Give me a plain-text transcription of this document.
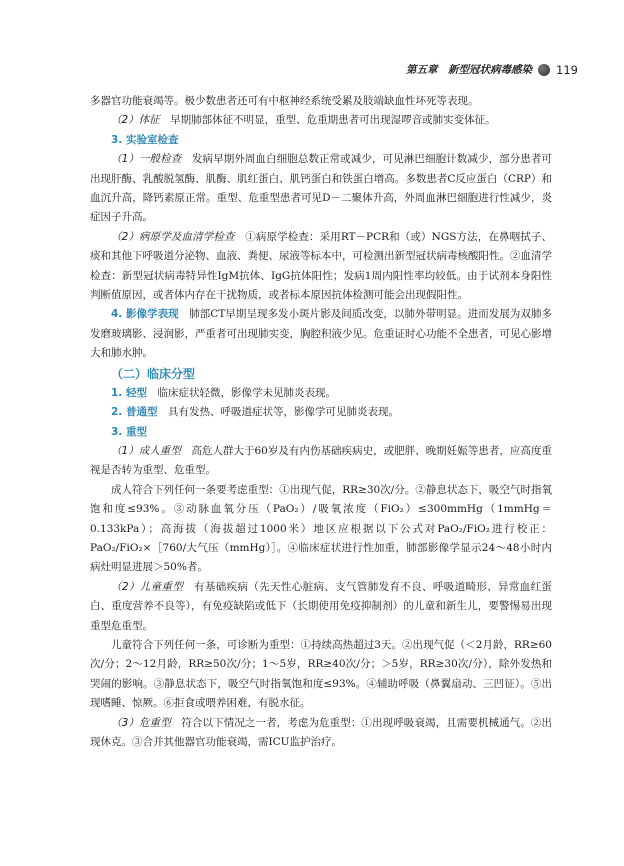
第五章　新型冠状病毒感染 119

多器官功能衰竭等。极少数患者还可有中枢神经系统受累及肢端缺血性坏死等表现。

（2）体征　早期肺部体征不明显，重型、危重期患者可出现湿啰音或肺实变体征。

3. 实验室检查

（1）一般检查　发病早期外周血白细胞总数正常或减少，可见淋巴细胞计数减少，部分患者可出现肝酶、乳酸脱氢酶、肌酶、肌红蛋白、肌钙蛋白和铁蛋白增高。多数患者C反应蛋白（CRP）和血沉升高，降钙素原正常。重型、危重型患者可见D－二聚体升高，外周血淋巴细胞进行性减少，炎症因子升高。

（2）病原学及血清学检查　①病原学检查：采用RT－PCR和（或）NGS方法，在鼻咽拭子、痰和其他下呼吸道分泌物、血液、粪便、尿液等标本中，可检测出新型冠状病毒核酸阳性。②血清学检查：新型冠状病毒特异性IgM抗体、IgG抗体阳性；发病1周内阳性率均较低。由于试剂本身阳性判断值原因，或者体内存在干扰物质，或者标本原因抗体检测可能会出现假阳性。

4. 影像学表现　肺部CT早期呈现多发小斑片影及间质改变，以肺外带明显。进而发展为双肺多发磨玻璃影、浸润影，严重者可出现肺实变，胸腔积液少见。危重证时心功能不全患者，可见心影增大和肺水肿。

（二）临床分型

1. 轻型　临床症状轻微，影像学未见肺炎表现。

2. 普通型　具有发热、呼吸道症状等，影像学可见肺炎表现。

3. 重型

（1）成人重型　高危人群大于60岁及有内伤基础疾病史，或肥胖、晚期妊娠等患者，应高度重视是否转为重型、危重型。

成人符合下列任何一条要考虑重型：①出现气促，RR≥30次/分。②静息状态下，吸空气时指氧饱和度≤93%。③动脉血氧分压（PaO₂）/吸氧浓度（FiO₂）≤300mmHg（1mmHg＝0.133kPa）；高海拔（海拔超过1000米）地区应根据以下公式对PaO₂/FiO₂进行校正：PaO₂/FiO₂×［760/大气压（mmHg）］。④临床症状进行性加重，肺部影像学显示24～48小时内病灶明显进展＞50%者。

（2）儿童重型　有基础疾病（先天性心脏病、支气管肺发育不良、呼吸道畸形、异常血红蛋白、重度营养不良等），有免疫缺陷或低下（长期使用免疫抑制剂）的儿童和新生儿，要警惕易出现重型危重型。

儿童符合下列任何一条，可诊断为重型：①持续高热超过3天。②出现气促（＜2月龄，RR≥60次/分；2～12月龄，RR≥50次/分；1～5岁，RR≥40次/分；＞5岁，RR≥30次/分），除外发热和哭闹的影响。③静息状态下，吸空气时指氧饱和度≤93%。④辅助呼吸（鼻翼扇动、三凹征）。⑤出现嗜睡、惊厥。⑥拒食或喂养困难，有脱水征。

（3）危重型　符合以下情况之一者，考虑为危重型：①出现呼吸衰竭，且需要机械通气。②出现休克。③合并其他器官功能衰竭，需ICU监护治疗。
